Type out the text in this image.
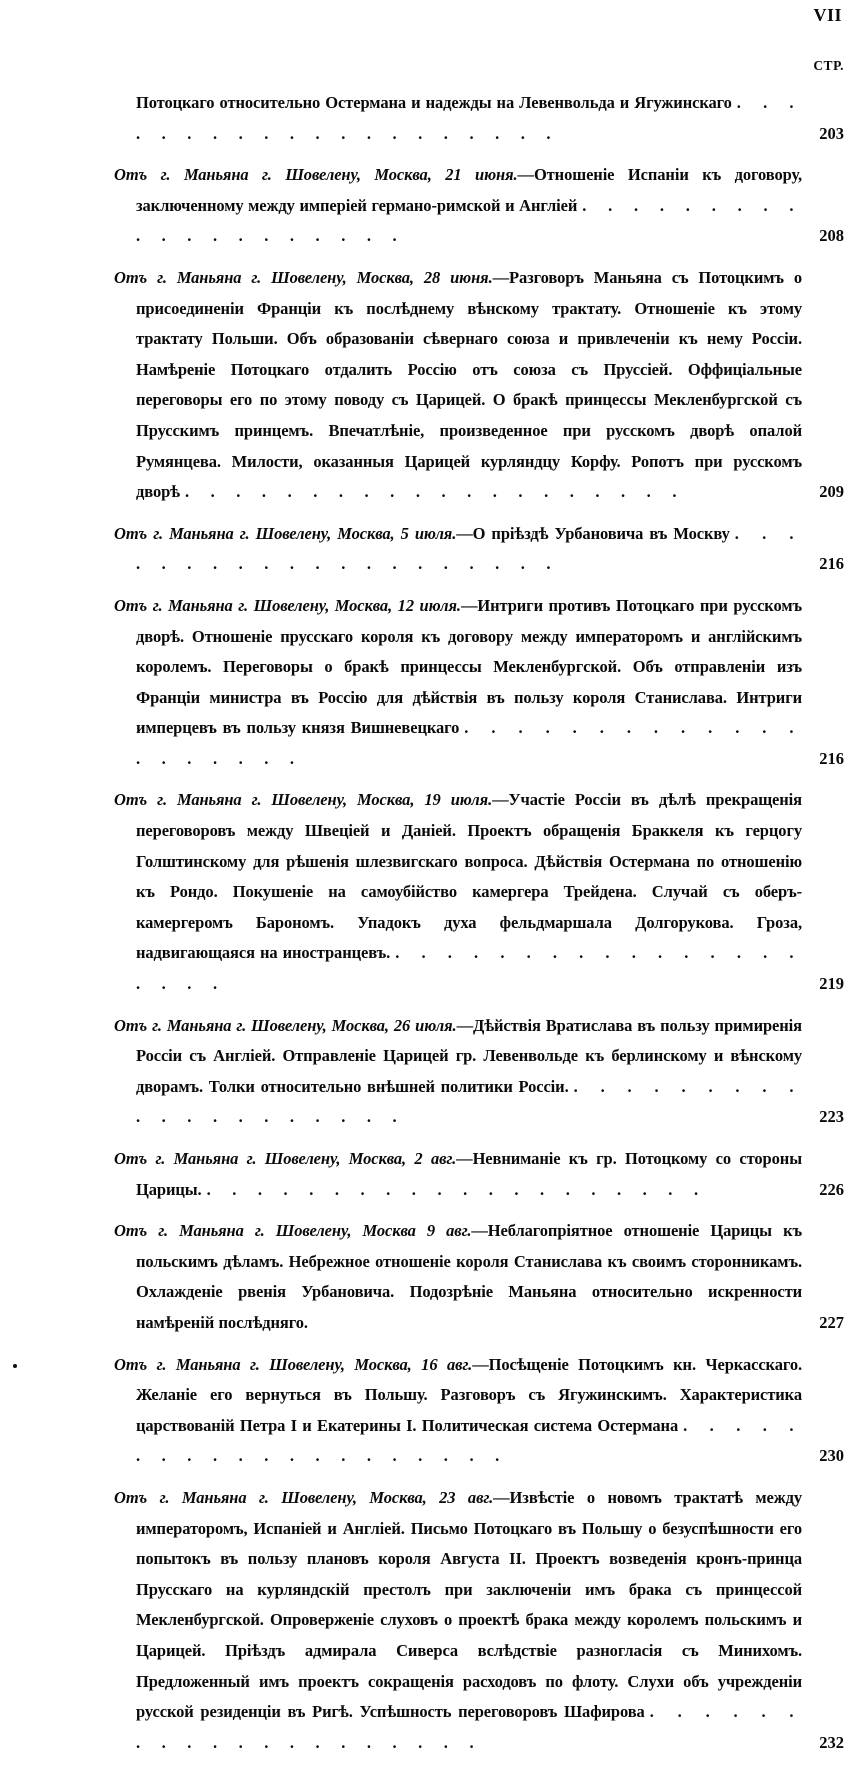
VII
СТР.
Потоцкаго относительно Остермана и надежды на Левенвольда и Ягужинскаго . . . . . . . . . . . . . . . . . . . .	203
Отъ г. Маньяна г. Шовелену, Москва, 21 июня.—Отношеніе Испаніи къ договору, заключенному между имперіей германо-римской и Англіей . . . . . . . . . . . . . . . . . . . .	208
Отъ г. Маньяна г. Шовелену, Москва, 28 июня.—Разговоръ Маньяна съ Потоцкимъ о присоединеніи Франціи къ послѣднему вѣнскому трактату. Отношеніе къ этому трактату Польши. Объ образованіи сѣвернаго союза и привлеченіи къ нему Россіи. Намѣреніе Потоцкаго отдалить Россію отъ союза съ Пруссіей. Оффиціальные переговоры его по этому поводу съ Царицей. О бракѣ принцессы Мекленбургской съ Прусскимъ принцемъ. Впечатлѣніе, произведенное при русскомъ дворѣ опалой Румянцева. Милости, оказанныя Царицей курляндцу Корфу. Ропотъ при русскомъ дворѣ . . . . . . . . . . . . . . . . . . . .	209
Отъ г. Маньяна г. Шовелену, Москва, 5 июля.—О пріѣздѣ Урбановича въ Москву . . . . . . . . . . . . . . . . . . . .	216
Отъ г. Маньяна г. Шовелену, Москва, 12 июля.—Интриги противъ Потоцкаго при русскомъ дворѣ. Отношеніе прусскаго короля къ договору между императоромъ и англійскимъ королемъ. Переговоры о бракѣ принцессы Мекленбургской. Объ отправленіи изъ Франціи министра въ Россію для дѣйствія въ пользу короля Станислава. Интриги имперцевъ въ пользу князя Вишневецкаго . . . . . . . . . . . . . . . . . . . .	216
Отъ г. Маньяна г. Шовелену, Москва, 19 июля.—Участіе Россіи въ дѣлѣ прекращенія переговоровъ между Швеціей и Даніей. Проектъ обращенія Браккеля къ герцогу Голштинскому для рѣшенія шлезвигскаго вопроса. Дѣйствія Остермана по отношенію къ Рондо. Покушеніе на самоубійство камергера Трейдена. Случай съ оберъ-камергеромъ Барономъ. Упадокъ духа фельдмаршала Долгорукова. Гроза, надвигающаяся на иностранцевъ. . . . . . . . . . . . . . . . . . . . .	219
Отъ г. Маньяна г. Шовелену, Москва, 26 июля.—Дѣйствія Вратислава въ пользу примиренія Россіи съ Англіей. Отправленіе Царицей гр. Левенвольде къ берлинскому и вѣнскому дворамъ. Толки относительно внѣшней политики Россіи. . . . . . . . . . . . . . . . . . . . .	223
Отъ г. Маньяна г. Шовелену, Москва, 2 авг.—Невниманіе къ гр. Потоцкому со стороны Царицы. . . . . . . . . . . . . . . . . . . . .	226
Отъ г. Маньяна г. Шовелену, Москва 9 авг.—Неблагопріятное отношеніе Царицы къ польскимъ дѣламъ. Небрежное отношеніе короля Станислава къ своимъ сторонникамъ. Охлажденіе рвенія Урбановича. Подозрѣніе Маньяна относительно искренности намѣреній послѣдняго.	227
Отъ г. Маньяна г. Шовелену, Москва, 16 авг.—Посѣщеніе Потоцкимъ кн. Черкасскаго. Желаніе его вернуться въ Польшу. Разговоръ съ Ягужинскимъ. Характеристика царствованій Петра I и Екатерины I. Политическая система Остермана . . . . . . . . . . . . . . . . . . . .	230
Отъ г. Маньяна г. Шовелену, Москва, 23 авг.—Извѣстіе о новомъ трактатѣ между императоромъ, Испаніей и Англіей. Письмо Потоцкаго въ Польшу о безуспѣшности его попытокъ въ пользу плановъ короля Августа II. Проектъ возведенія кронъ-принца Прусскаго на курляндскій престолъ при заключеніи имъ брака съ принцессой Мекленбургской. Опроверженіе слуховъ о проектѣ брака между королемъ польскимъ и Царицей. Пріѣздъ адмирала Сиверса вслѣдствіе разногласія съ Минихомъ. Предложенный имъ проектъ сокращенія расходовъ по флоту. Слухи объ учрежденіи русской резиденціи въ Ригѣ. Успѣшность переговоровъ Шафирова . . . . . . . . . . . . . . . . . . . .	232
